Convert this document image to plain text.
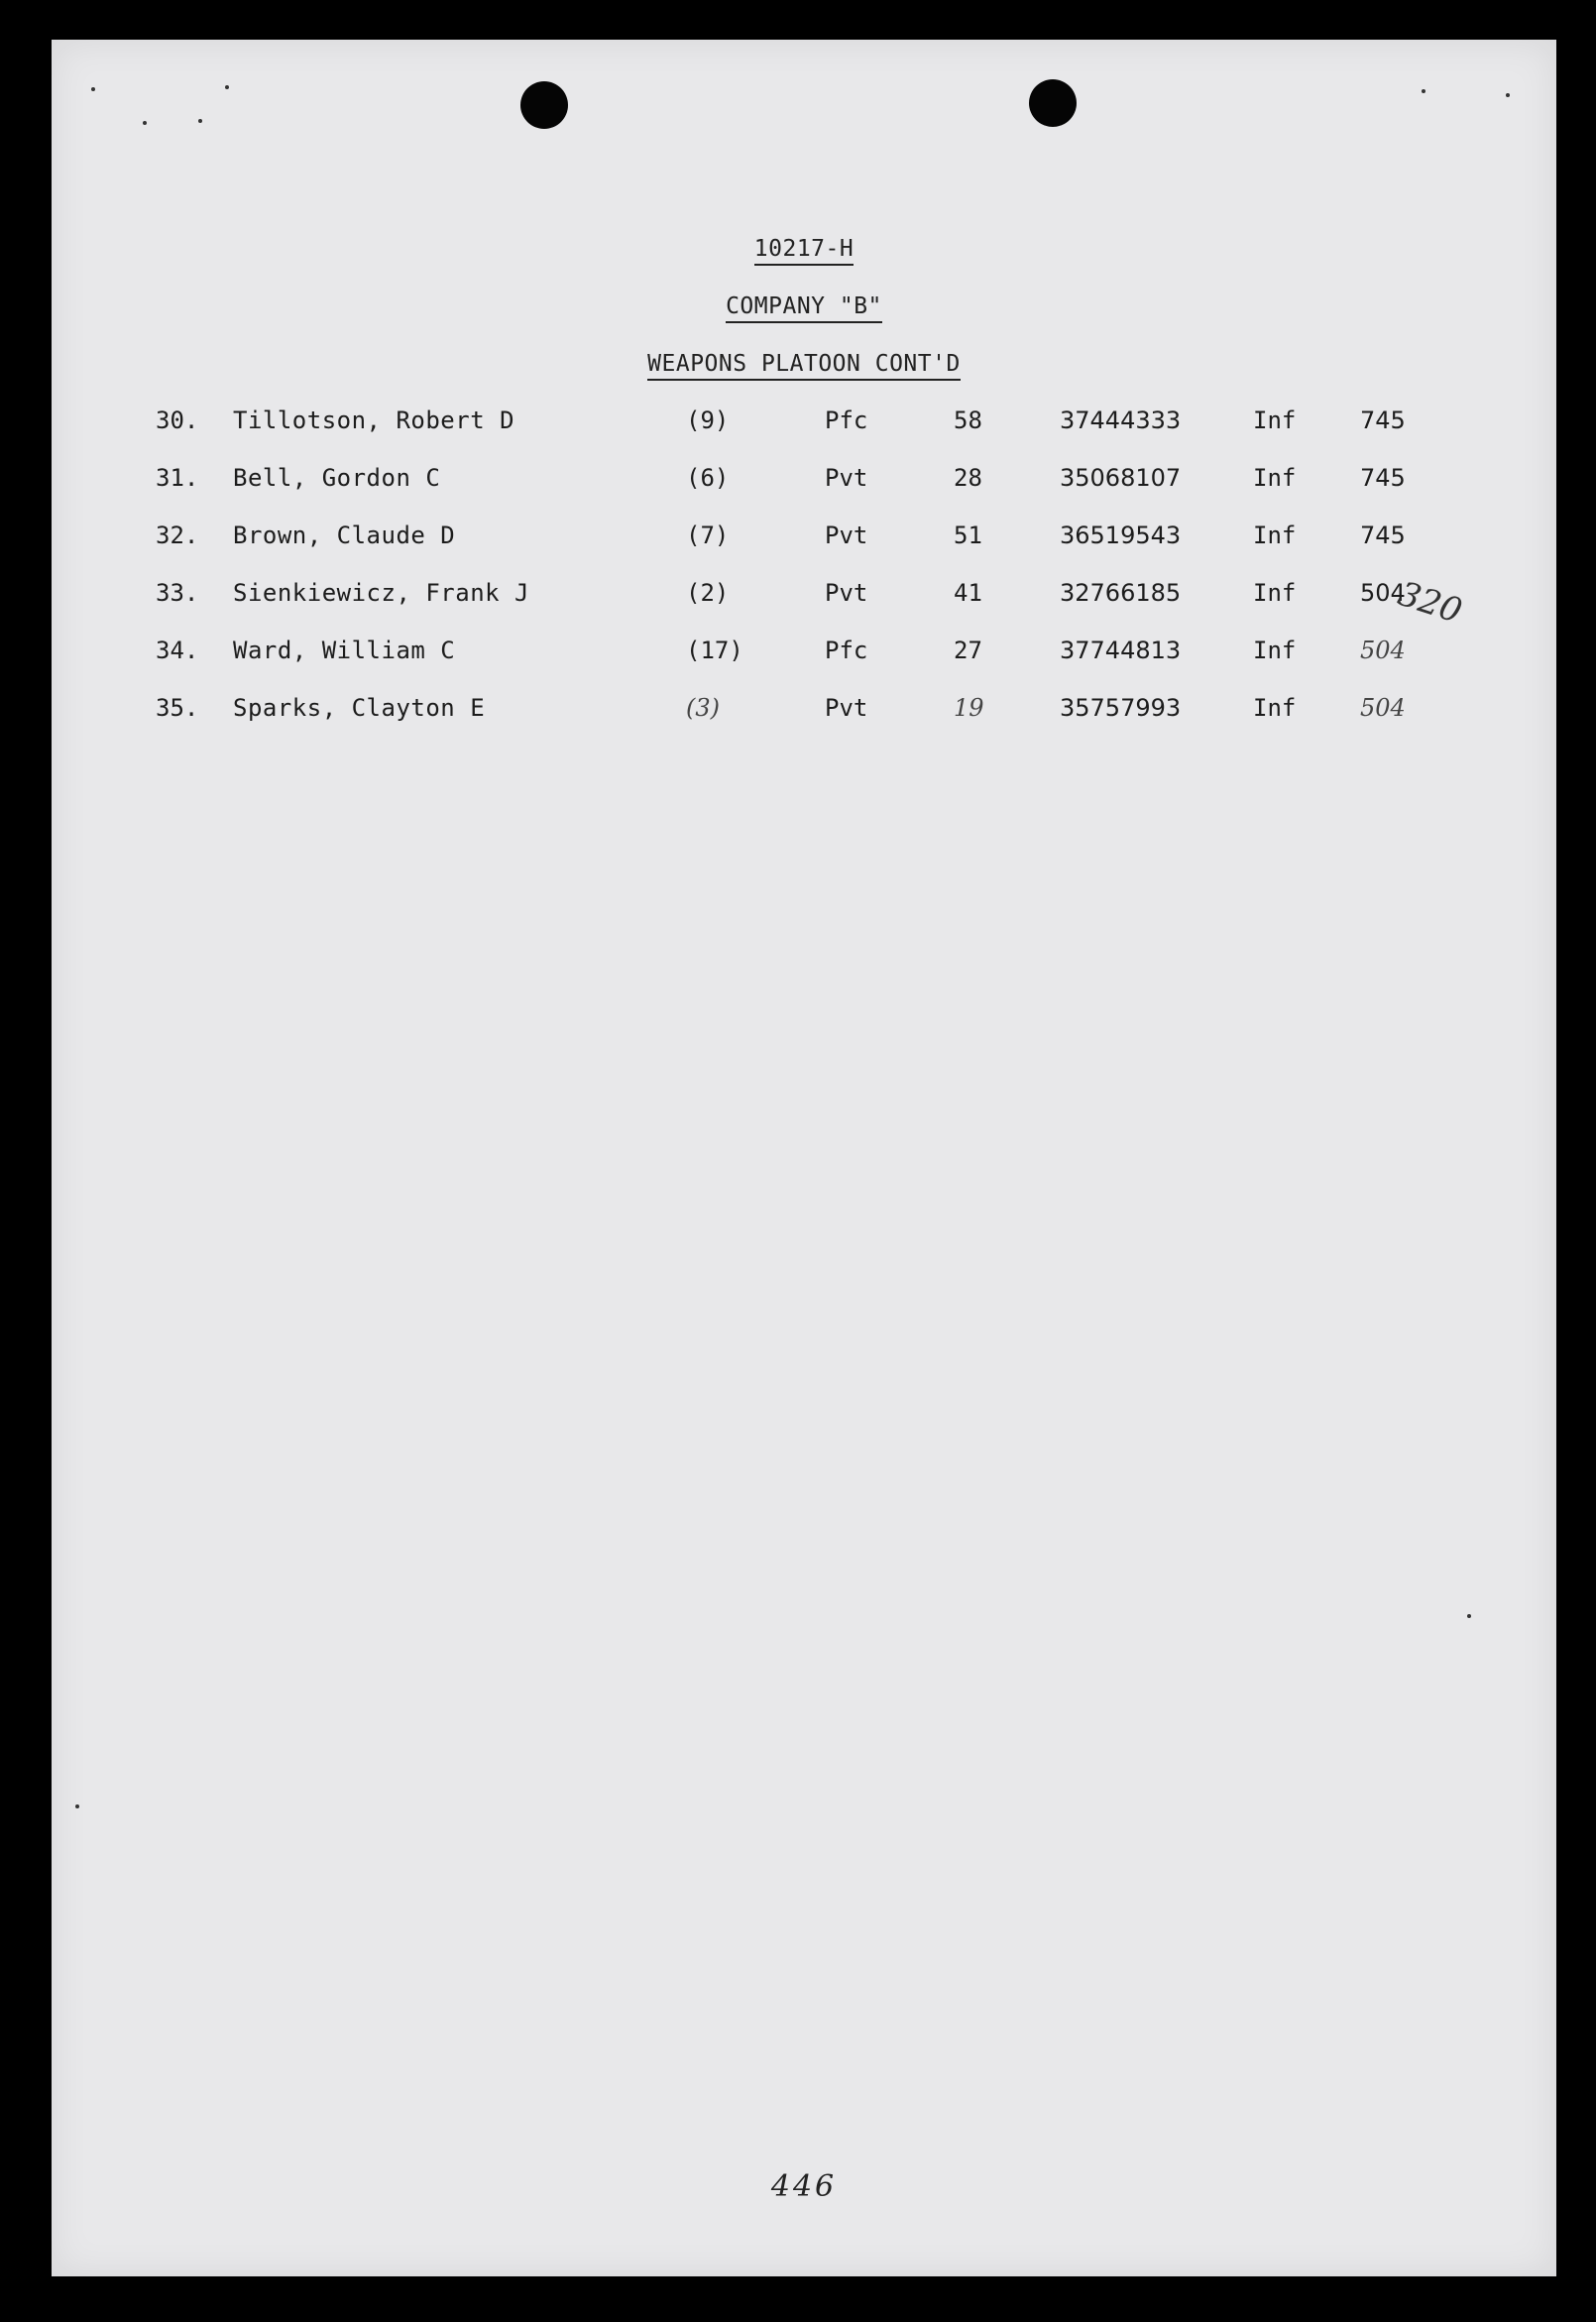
10217-H
COMPANY "B"
WEAPONS PLATOON CONT'D
30. Tillotson, Robert D	(9)	Pfc	58	37444333	Inf	745
31. Bell, Gordon C	(6)	Pvt	28	35068107	Inf	745
32. Brown, Claude D	(7)	Pvt	51	36519543	Inf	745
33. Sienkiewicz, Frank J	(2)	Pvt	41	32766185	Inf	504
34. Ward, William C	(17)	Pfc	27	37744813	Inf	504
35. Sparks, Clayton E	(3)	Pvt	19	35757993	Inf	504
320
446
